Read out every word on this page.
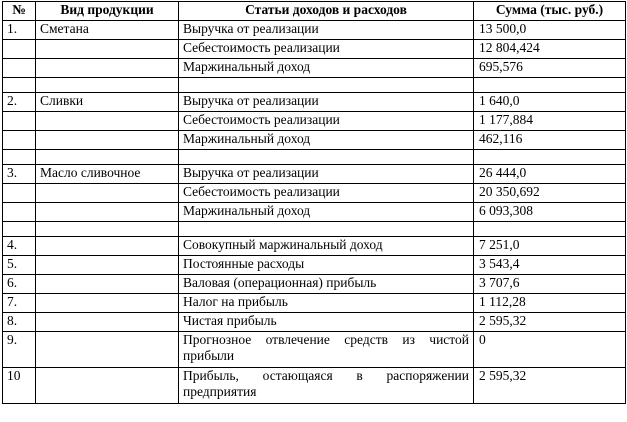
№	Вид продукции	Статьи доходов и расходов	Сумма (тыс. руб.)
1.	Сметана	Выручка от реализации	13 500,0
		Себестоимость реализации	12 804,424
		Маржинальный доход	695,576

2.	Сливки	Выручка от реализации	1 640,0
		Себестоимость реализации	1 177,884
		Маржинальный доход	462,116

3.	Масло сливочное	Выручка от реализации	26 444,0
		Себестоимость реализации	20 350,692
		Маржинальный доход	6 093,308

4.		Совокупный маржинальный доход	7 251,0
5.		Постоянные расходы	3 543,4
6.		Валовая (операционная) прибыль	3 707,6
7.		Налог на прибыль	1 112,28
8.		Чистая прибыль	2 595,32
9.		Прогнозное отвлечение средств из чистой прибыли	0
10		Прибыль, остающаяся в распоряжении предприятия	2 595,32
